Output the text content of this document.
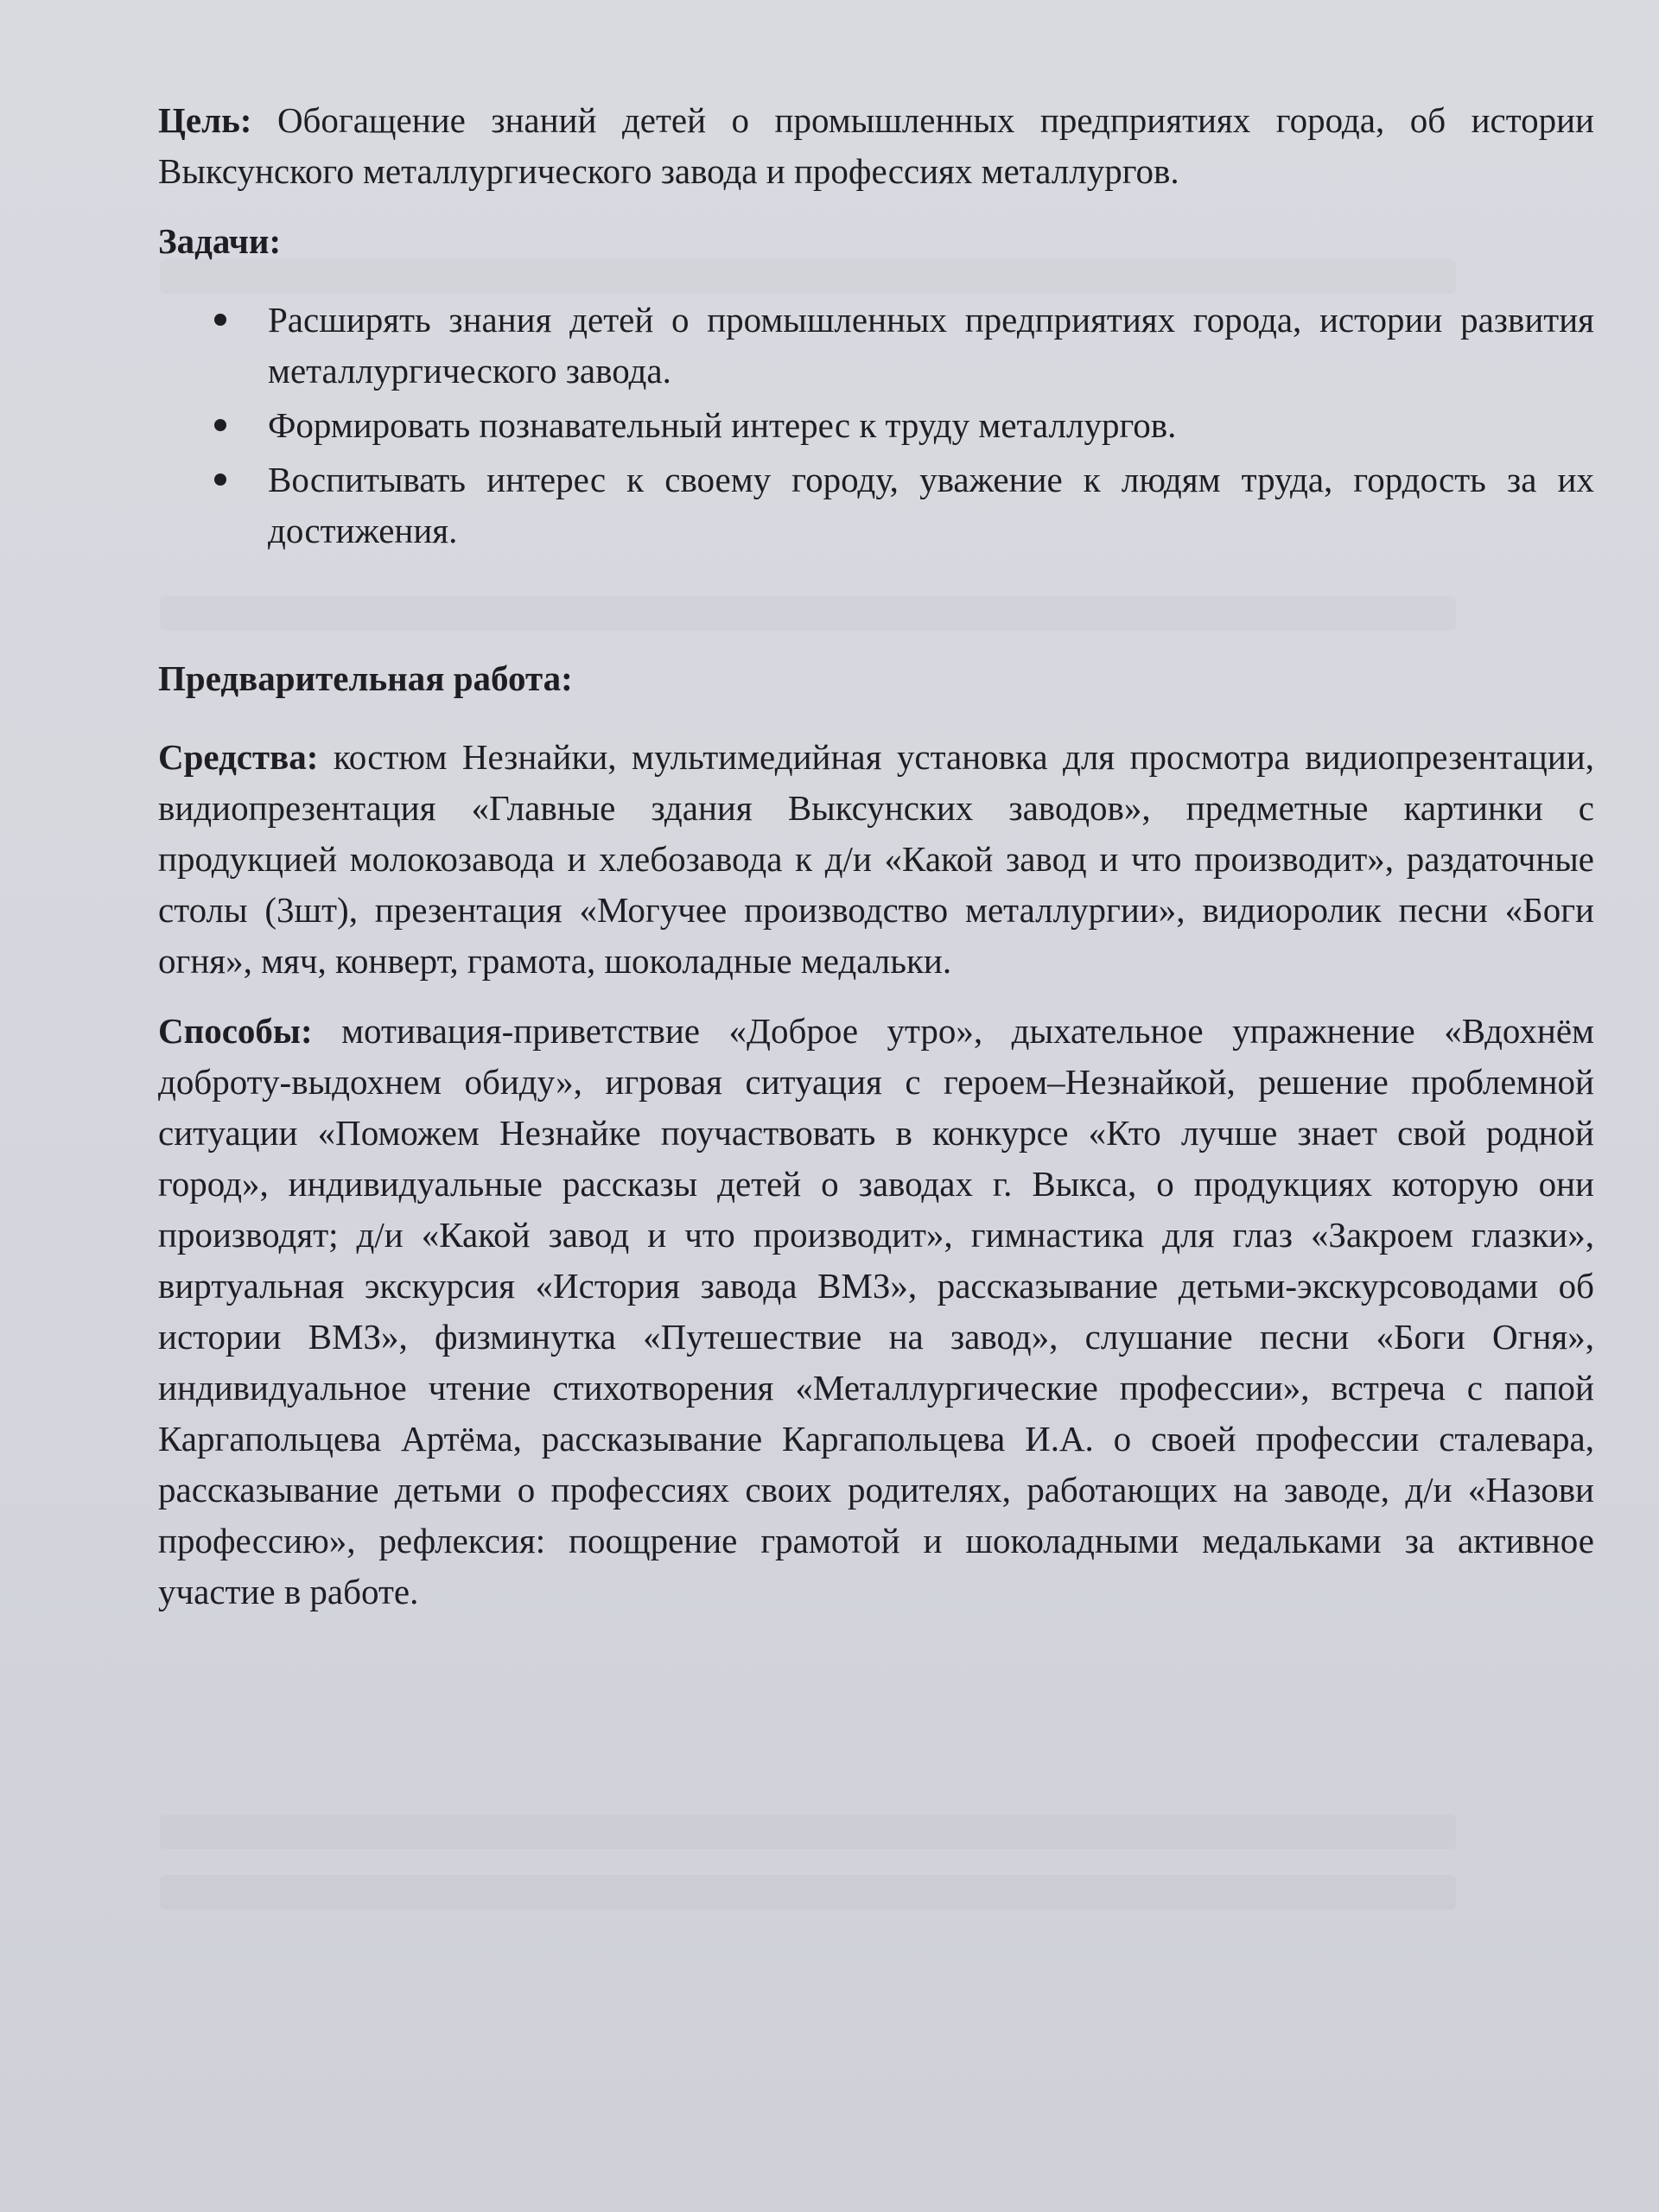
Цель: Обогащение знаний детей о промышленных предприятиях города, об истории Выксунского металлургического завода и профессиях металлургов.

Задачи:
Расширять знания детей о промышленных предприятиях города, истории развития металлургического завода.
Формировать познавательный интерес к труду металлургов.
Воспитывать интерес к своему городу, уважение к людям труда, гордость за их достижения.
Предварительная работа:

Средства: костюм Незнайки, мультимедийная установка для просмотра видиопрезентации, видиопрезентация «Главные здания Выксунских заводов», предметные картинки с продукцией молокозавода и хлебозавода к д/и «Какой завод и что производит», раздаточные столы (3шт), презентация «Могучее производство металлургии», видиоролик песни «Боги огня», мяч, конверт, грамота, шоколадные медальки.

Способы: мотивация-приветствие «Доброе утро», дыхательное упражнение «Вдохнём доброту-выдохнем обиду», игровая ситуация с героем–Незнайкой, решение проблемной ситуации «Поможем Незнайке поучаствовать в конкурсе «Кто лучше знает свой родной город», индивидуальные рассказы детей о заводах г. Выкса, о продукциях которую они производят; д/и «Какой завод и что производит», гимнастика для глаз «Закроем глазки», виртуальная экскурсия «История завода ВМЗ», рассказывание детьми-экскурсоводами об истории ВМЗ», физминутка «Путешествие на завод», слушание песни «Боги Огня», индивидуальное чтение стихотворения «Металлургические профессии», встреча с папой Каргапольцева Артёма, рассказывание Каргапольцева И.А. о своей профессии сталевара, рассказывание детьми о профессиях своих родителях, работающих на заводе, д/и «Назови профессию», рефлексия: поощрение грамотой и шоколадными медальками за активное участие в работе.
